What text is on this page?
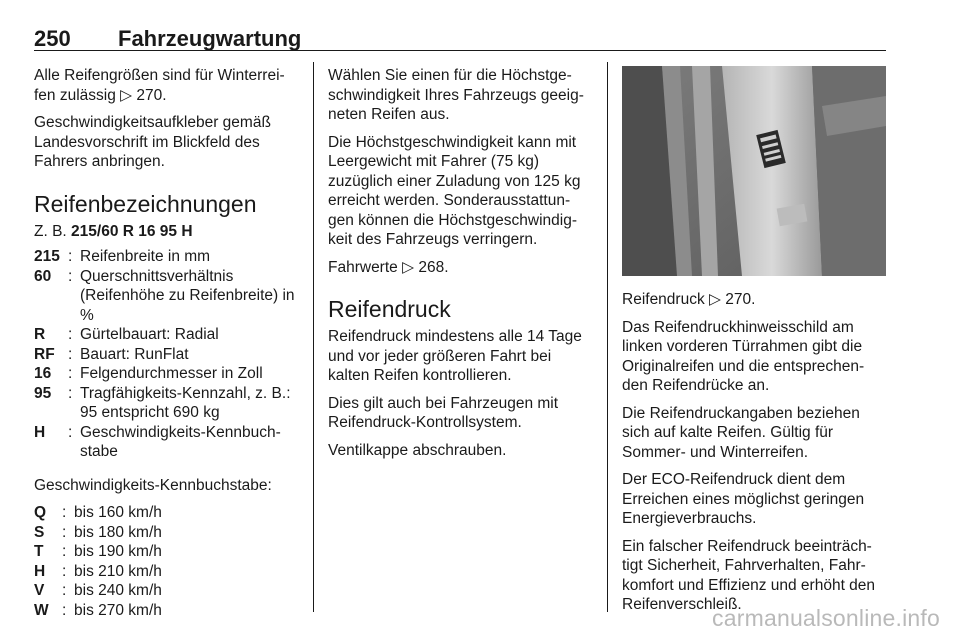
250 Fahrzeugwartung

Alle Reifengrößen sind für Winterrei-fen zulässig ▷ 270.

Geschwindigkeitsaufkleber gemäß Landesvorschrift im Blickfeld des Fahrers anbringen.

Reifenbezeichnungen
Z. B. 215/60 R 16 95 H
215 : Reifenbreite in mm
60	: Querschnittsverhältnis (Reifenhöhe zu Reifenbreite) in %
R	: Gürtelbauart: Radial
RF : Bauart: RunFlat
16	: Felgendurchmesser in Zoll
95	: Tragfähigkeits-Kennzahl, z. B.: 95 entspricht 690 kg
H	: Geschwindigkeits-Kennbuch-stabe

Geschwindigkeits-Kennbuchstabe:

Q	: bis 160 km/h
S	: bis 180 km/h
T	: bis 190 km/h
H	: bis 210 km/h
V	: bis 240 km/h
W : bis 270 km/h

Wählen Sie einen für die Höchstge-schwindigkeit Ihres Fahrzeugs geeig-neten Reifen aus.

Die Höchstgeschwindigkeit kann mit Leergewicht mit Fahrer (75 kg) zuzüglich einer Zuladung von 125 kg erreicht werden. Sonderausstattun-gen können die Höchstgeschwindig-keit des Fahrzeugs verringern.

Fahrwerte ▷ 268.

Reifendruck

Reifendruck mindestens alle 14 Tage und vor jeder größeren Fahrt bei kalten Reifen kontrollieren.

Dies gilt auch bei Fahrzeugen mit Reifendruck-Kontrollsystem.

Ventilkappe abschrauben.

Reifendruck ▷ 270.

Das Reifendruckhinweisschild am linken vorderen Türrahmen gibt die Originalreifen und die entsprechen-den Reifendrücke an.

Die Reifendruckangaben beziehen sich auf kalte Reifen. Gültig für Sommer- und Winterreifen.

Der ECO-Reifendruck dient dem Erreichen eines möglichst geringen Energieverbrauchs.

Ein falscher Reifendruck beeinträch-tigt Sicherheit, Fahrverhalten, Fahr-komfort und Effizienz und erhöht den Reifenverschleiß.

carmanualsonline.info
